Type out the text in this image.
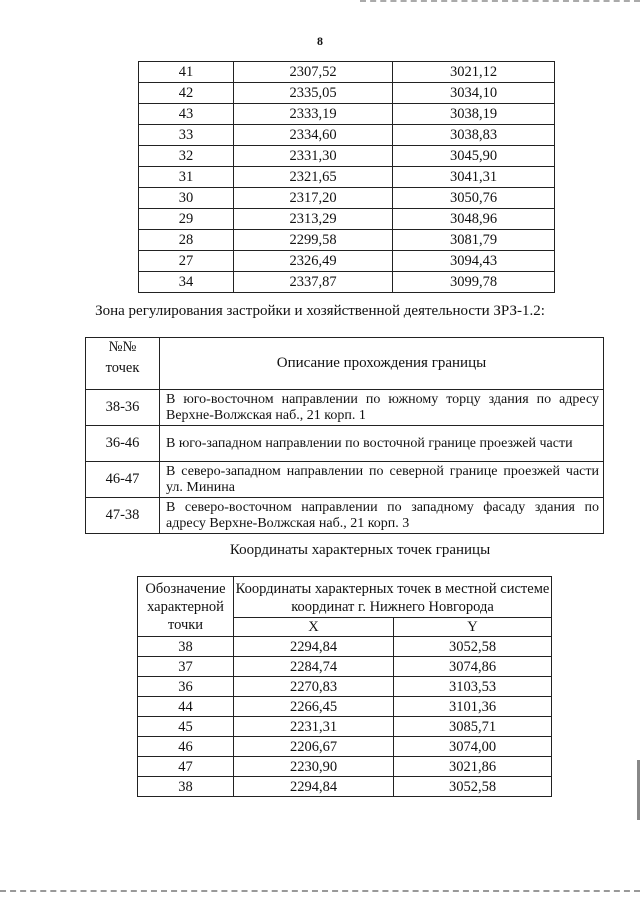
8
41	2307,52	3021,12
42	2335,05	3034,10
43	2333,19	3038,19
33	2334,60	3038,83
32	2331,30	3045,90
31	2321,65	3041,31
30	2317,20	3050,76
29	2313,29	3048,96
28	2299,58	3081,79
27	2326,49	3094,43
34	2337,87	3099,78
Зона регулирования застройки и хозяйственной деятельности ЗРЗ-1.2:
№№
точек	Описание прохождения границы
38-36	В юго-восточном направлении по южному торцу здания по адресу Верхне-Волжская наб., 21 корп. 1
36-46	В юго-западном направлении по восточной границе проезжей части
46-47	В северо-западном направлении по северной границе проезжей части ул. Минина
47-38	В северо-восточном направлении по западному фасаду здания по адресу Верхне-Волжская наб., 21 корп. 3
Координаты характерных точек границы
Обозначение характерной точки	Координаты характерных точек в местной системе координат г. Нижнего Новгорода	
	X	Y
38	2294,84	3052,58
37	2284,74	3074,86
36	2270,83	3103,53
44	2266,45	3101,36
45	2231,31	3085,71
46	2206,67	3074,00
47	2230,90	3021,86
38	2294,84	3052,58
